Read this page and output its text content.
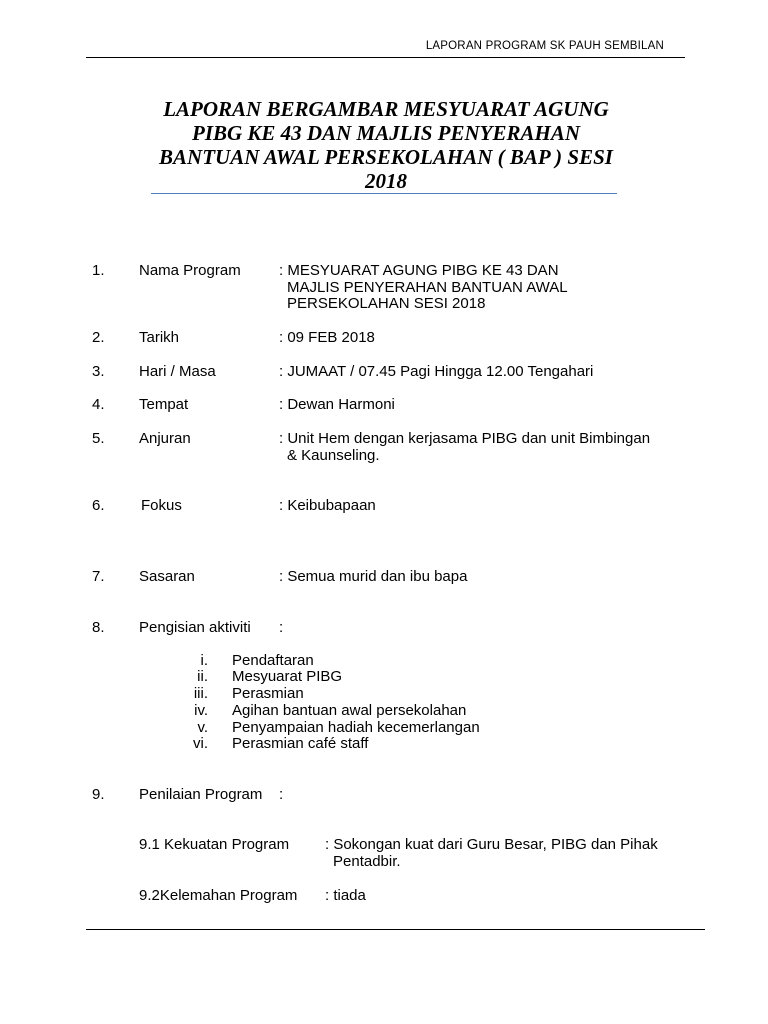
LAPORAN PROGRAM SK PAUH SEMBILAN
LAPORAN BERGAMBAR MESYUARAT AGUNG
PIBG KE 43 DAN MAJLIS PENYERAHAN
BANTUAN AWAL PERSEKOLAHAN ( BAP ) SESI
2018
1. Nama Program	: MESYUARAT AGUNG PIBG KE 43 DAN
MAJLIS PENYERAHAN BANTUAN AWAL
PERSEKOLAHAN SESI 2018
2. Tarikh	: 09 FEB 2018
3. Hari / Masa	: JUMAAT / 07.45 Pagi Hingga 12.00 Tengahari
4. Tempat	: Dewan Harmoni
5. Anjuran	: Unit Hem dengan kerjasama PIBG dan unit Bimbingan
& Kaunseling.
6. Fokus	: Keibubapaan
7. Sasaran	: Semua murid dan ibu bapa
8. Pengisian aktiviti :
i. Pendaftaran
ii. Mesyuarat PIBG
iii. Perasmian
iv. Agihan bantuan awal persekolahan
v. Penyampaian hadiah kecemerlangan
vi. Perasmian café staff
9. Penilaian Program :
9.1 Kekuatan Program : Sokongan kuat dari Guru Besar, PIBG dan Pihak
Pentadbir.
9.2Kelemahan Program : tiada
